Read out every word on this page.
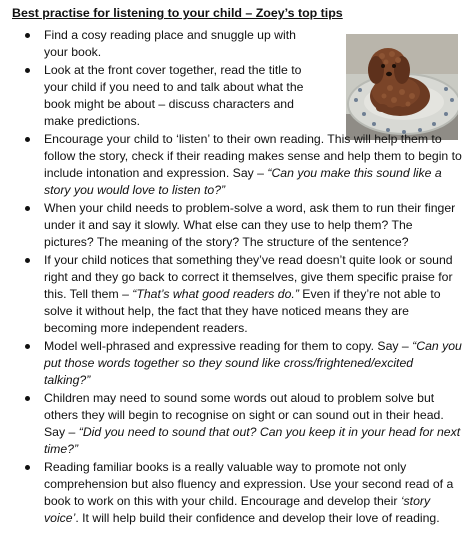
Best practise for listening to your child – Zoey’s top tips
Find a cosy reading place and snuggle up with your book.
Look at the front cover together, read the title to your child if you need to and talk about what the book might be about – discuss characters and make predictions.
Encourage your child to ‘listen’ to their own reading. This will help them to follow the story, check if their reading makes sense and help them to begin to include intonation and expression. Say – “Can you make this sound like a story you would love to listen to?”
When your child needs to problem-solve a word, ask them to run their finger under it and say it slowly. What else can they use to help them? The pictures? The meaning of the story? The structure of the sentence?
If your child notices that something they’ve read doesn’t quite look or sound right and they go back to correct it themselves, give them specific praise for this. Tell them – “That’s what good readers do.” Even if they’re not able to solve it without help, the fact that they have noticed means they are becoming more independent readers.
Model well-phrased and expressive reading for them to copy. Say – “Can you put those words together so they sound like cross/frightened/excited talking?”
Children may need to sound some words out aloud to problem solve but others they will begin to recognise on sight or can sound out in their head. Say – “Did you need to sound that out? Can you keep it in your head for next time?”
Reading familiar books is a really valuable way to promote not only comprehension but also fluency and expression. Use your second read of a book to work on this with your child. Encourage and develop their ‘story voice’. It will help build their confidence and develop their love of reading.
